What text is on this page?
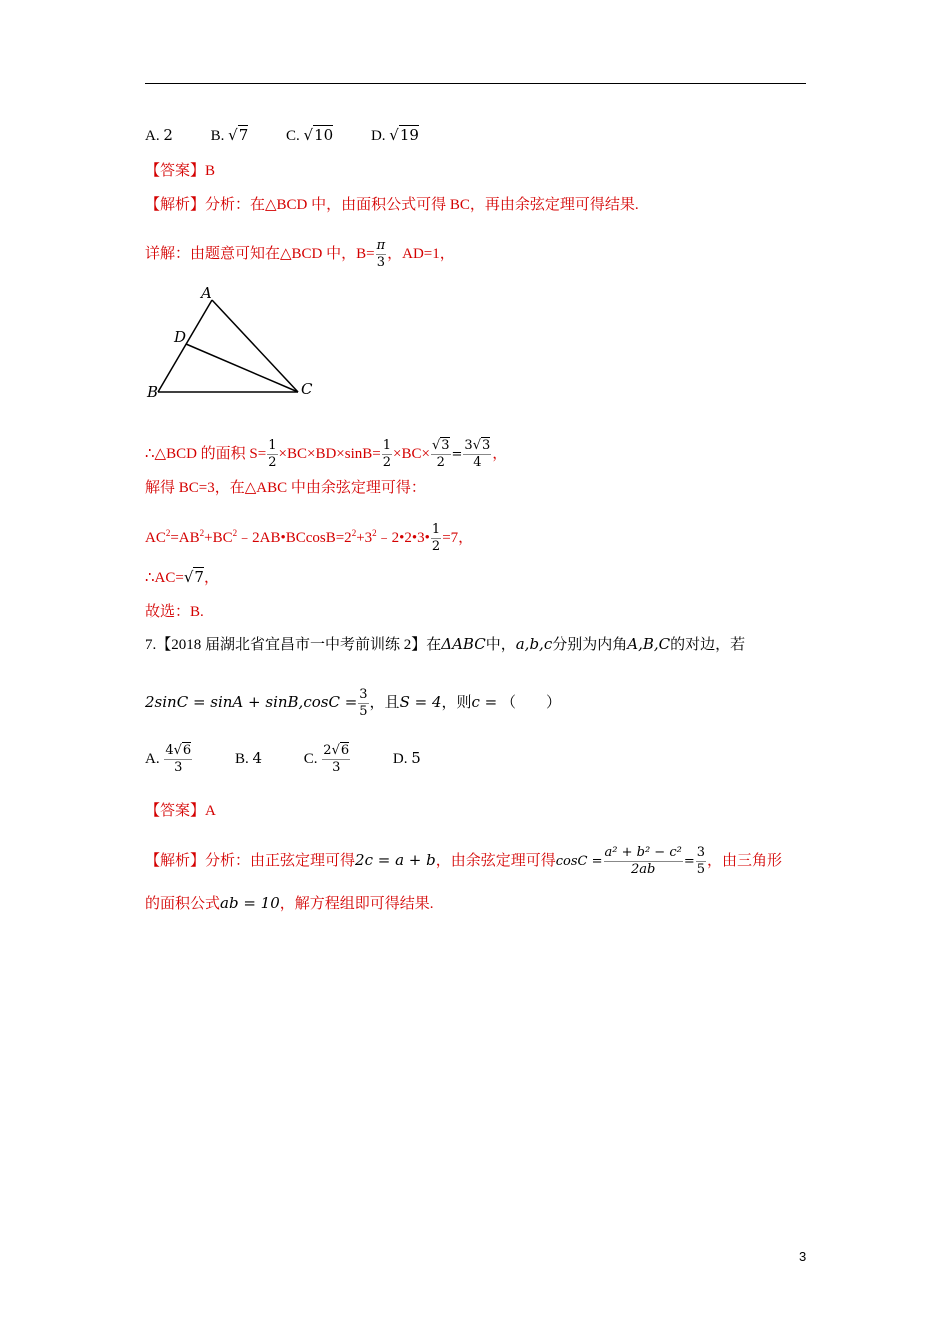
A. 2	B. √7	C. √10	D. √19
【答案】B
【解析】分析：在△BCD 中，由面积公式可得 BC，再由余弦定理可得结果.
详解：由题意可知在△BCD 中，$B= \frac{\pi}{3}$ ，AD=1，
A
D
B	C
∴△BCD 的面积 $S= \frac{1}{2} \times BC\times BD\times\sin B= \frac{1}{2} \times BC\times \frac{√3}{2} = \frac{3√3}{4}$ ，
解得 BC=3，在△ABC 中由余弦定理可得：
$AC^2=AB^2+BC^2﹣2AB•BCcosB=2^2+3^2﹣2•2•3• \frac{1}{2} =7$，
∴AC=√7，
故选：B.
7.【2018 届湖北省宜昌市一中考前训练 2】在ΔABC中，a,b,c分别为内角A,B,C的对边，若
$2\sin C = \sin A + \sin B,\cos C = \frac{3}{5}$ ，且S = 4，则c = （　　）
A. $\frac{4√6}{3}$	B. 4	C. $\frac{2√6}{3}$	D. 5
【答案】A
【解析】分析：由正弦定理可得2c = a + b，由余弦定理可得$\cos C = \frac{\text{a² + b² − c²}}{2ab} = \frac{3}{5}$ ，由三角形
的面积公式ab = 10，解方程组即可得结果.
3
